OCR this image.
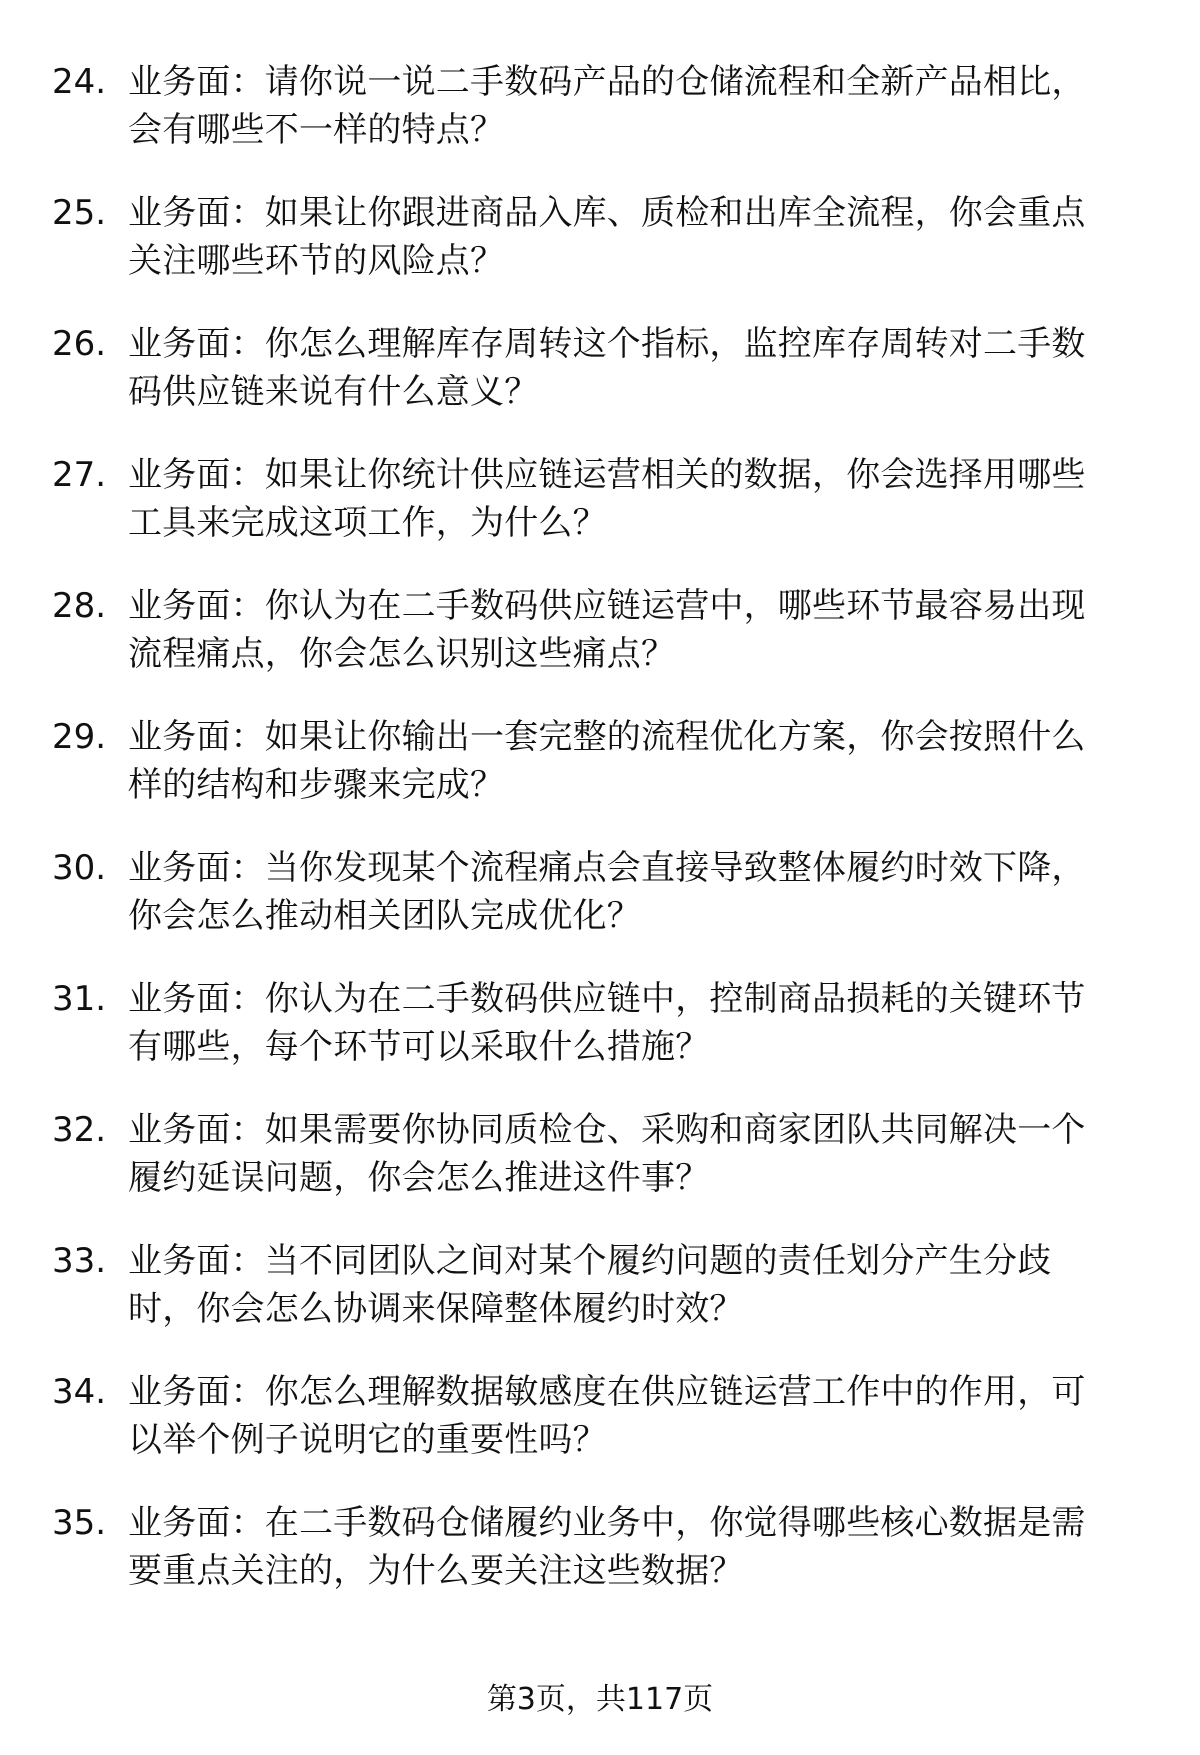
24. 业务面：请你说一说二手数码产品的仓储流程和全新产品相比，
会有哪些不一样的特点？
25. 业务面：如果让你跟进商品入库、质检和出库全流程，你会重点
关注哪些环节的风险点？
26. 业务面：你怎么理解库存周转这个指标，监控库存周转对二手数
码供应链来说有什么意义？
27. 业务面：如果让你统计供应链运营相关的数据，你会选择用哪些
工具来完成这项工作，为什么？
28. 业务面：你认为在二手数码供应链运营中，哪些环节最容易出现
流程痛点，你会怎么识别这些痛点？
29. 业务面：如果让你输出一套完整的流程优化方案，你会按照什么
样的结构和步骤来完成？
30. 业务面：当你发现某个流程痛点会直接导致整体履约时效下降，
你会怎么推动相关团队完成优化？
31. 业务面：你认为在二手数码供应链中，控制商品损耗的关键环节
有哪些，每个环节可以采取什么措施？
32. 业务面：如果需要你协同质检仓、采购和商家团队共同解决一个
履约延误问题，你会怎么推进这件事？
33. 业务面：当不同团队之间对某个履约问题的责任划分产生分歧
时，你会怎么协调来保障整体履约时效？
34. 业务面：你怎么理解数据敏感度在供应链运营工作中的作用，可
以举个例子说明它的重要性吗？
35. 业务面：在二手数码仓储履约业务中，你觉得哪些核心数据是需
要重点关注的，为什么要关注这些数据？
第3页，共117页
